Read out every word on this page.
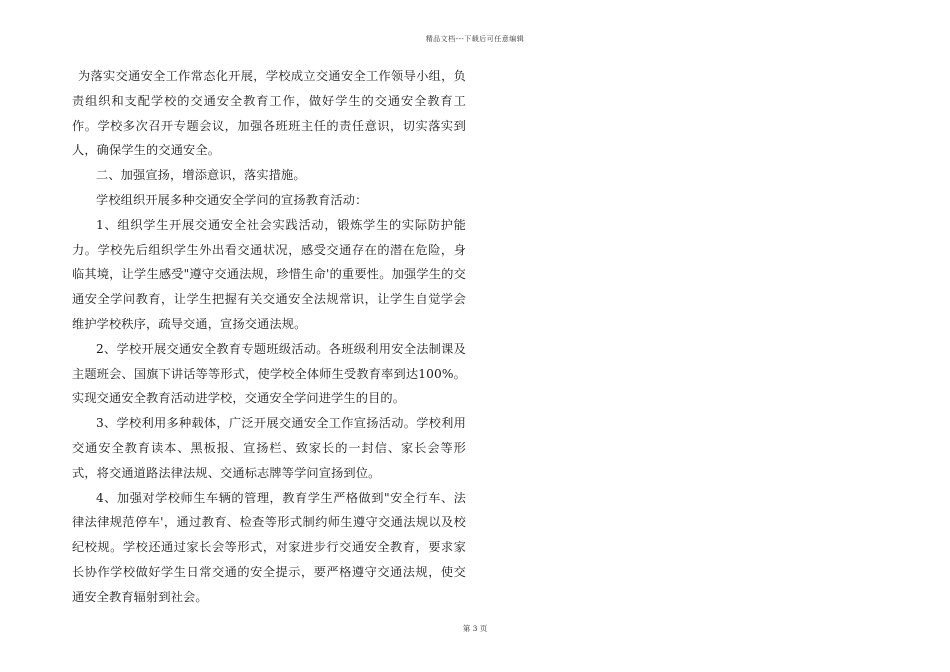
精品文档---下载后可任意编辑

为落实交通安全工作常态化开展，学校成立交通安全工作领导小组，负责组织和支配学校的交通安全教育工作，做好学生的交通安全教育工作。学校多次召开专题会议，加强各班班主任的责任意识，切实落实到人，确保学生的交通安全。

二、加强宣扬，增添意识，落实措施。

学校组织开展多种交通安全学问的宣扬教育活动：

1、组织学生开展交通安全社会实践活动，锻炼学生的实际防护能力。学校先后组织学生外出看交通状况，感受交通存在的潜在危险，身临其境，让学生感受"遵守交通法规，珍惜生命'的重要性。加强学生的交通安全学问教育，让学生把握有关交通安全法规常识，让学生自觉学会维护学校秩序，疏导交通，宣扬交通法规。

2、学校开展交通安全教育专题班级活动。各班级利用安全法制课及主题班会、国旗下讲话等等形式，使学校全体师生受教育率到达100%。实现交通安全教育活动进学校，交通安全学问进学生的目的。

3、学校利用多种载体，广泛开展交通安全工作宣扬活动。学校利用交通安全教育读本、黑板报、宣扬栏、致家长的一封信、家长会等形式，将交通道路法律法规、交通标志牌等学问宣扬到位。

4、加强对学校师生车辆的管理，教育学生严格做到"安全行车、法律法律规范停车'，通过教育、检查等形式制约师生遵守交通法规以及校纪校规。学校还通过家长会等形式，对家进步行交通安全教育，要求家长协作学校做好学生日常交通的安全提示，要严格遵守交通法规，使交通安全教育辐射到社会。

第 3 页
